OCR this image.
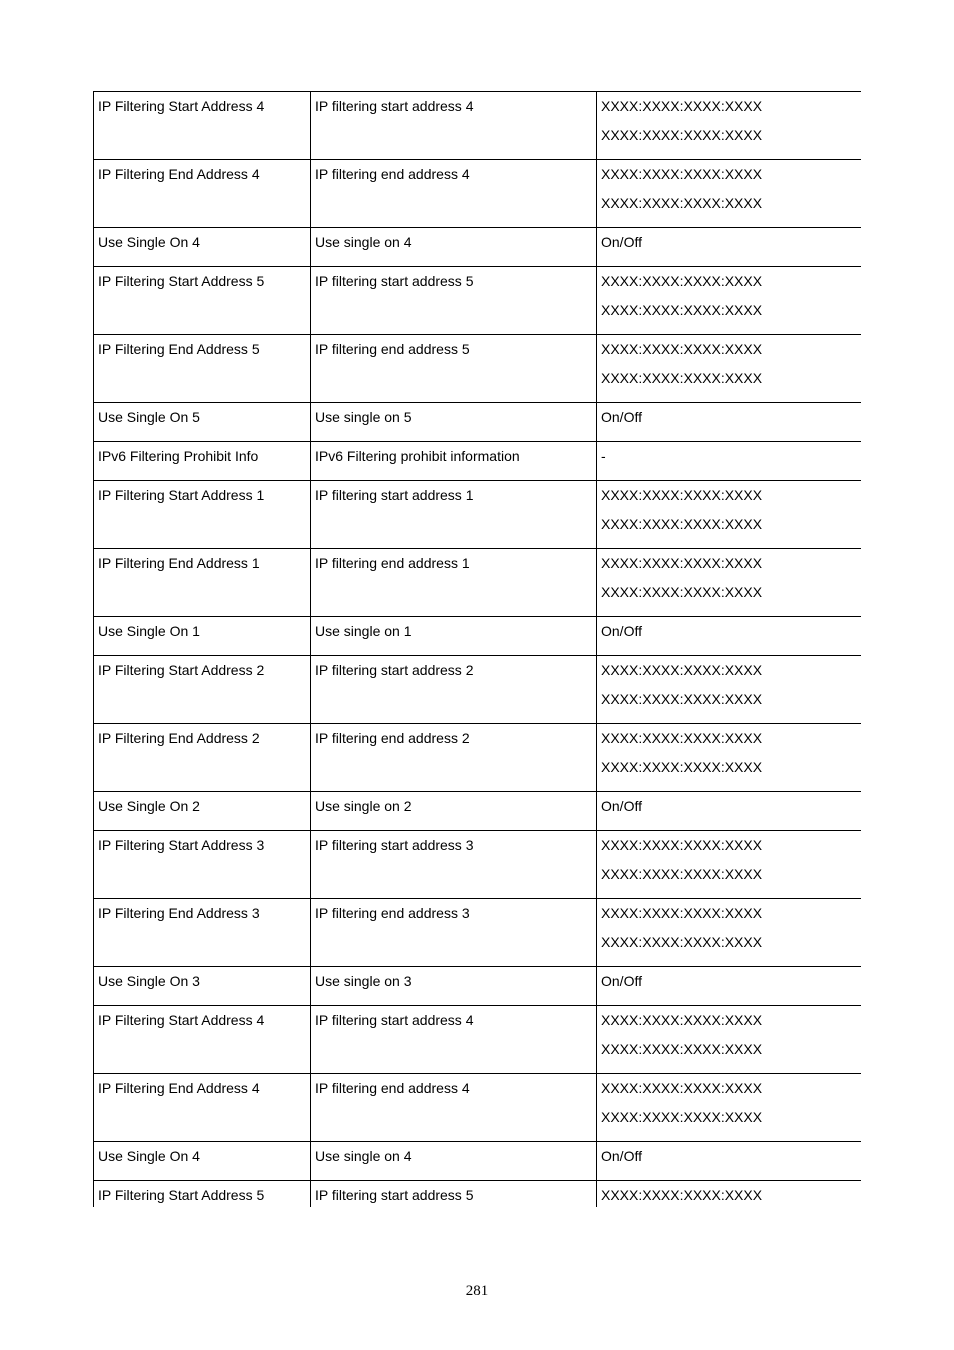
IP Filtering Start Address 4	IP filtering start address 4	XXXX:XXXX:XXXX:XXXX
XXXX:XXXX:XXXX:XXXX

IP Filtering End Address 4	IP filtering end address 4	XXXX:XXXX:XXXX:XXXX
XXXX:XXXX:XXXX:XXXX

Use Single On 4	Use single on 4	On/Off

IP Filtering Start Address 5	IP filtering start address 5	XXXX:XXXX:XXXX:XXXX
XXXX:XXXX:XXXX:XXXX

IP Filtering End Address 5	IP filtering end address 5	XXXX:XXXX:XXXX:XXXX
XXXX:XXXX:XXXX:XXXX

Use Single On 5	Use single on 5	On/Off

IPv6 Filtering Prohibit Info	IPv6 Filtering prohibit information	-

IP Filtering Start Address 1	IP filtering start address 1	XXXX:XXXX:XXXX:XXXX
XXXX:XXXX:XXXX:XXXX

IP Filtering End Address 1	IP filtering end address 1	XXXX:XXXX:XXXX:XXXX
XXXX:XXXX:XXXX:XXXX

Use Single On 1	Use single on 1	On/Off

IP Filtering Start Address 2	IP filtering start address 2	XXXX:XXXX:XXXX:XXXX
XXXX:XXXX:XXXX:XXXX

IP Filtering End Address 2	IP filtering end address 2	XXXX:XXXX:XXXX:XXXX
XXXX:XXXX:XXXX:XXXX

Use Single On 2	Use single on 2	On/Off

IP Filtering Start Address 3	IP filtering start address 3	XXXX:XXXX:XXXX:XXXX
XXXX:XXXX:XXXX:XXXX

IP Filtering End Address 3	IP filtering end address 3	XXXX:XXXX:XXXX:XXXX
XXXX:XXXX:XXXX:XXXX

Use Single On 3	Use single on 3	On/Off

IP Filtering Start Address 4	IP filtering start address 4	XXXX:XXXX:XXXX:XXXX
XXXX:XXXX:XXXX:XXXX

IP Filtering End Address 4	IP filtering end address 4	XXXX:XXXX:XXXX:XXXX
XXXX:XXXX:XXXX:XXXX

Use Single On 4	Use single on 4	On/Off

IP Filtering Start Address 5	IP filtering start address 5	XXXX:XXXX:XXXX:XXXX
281
